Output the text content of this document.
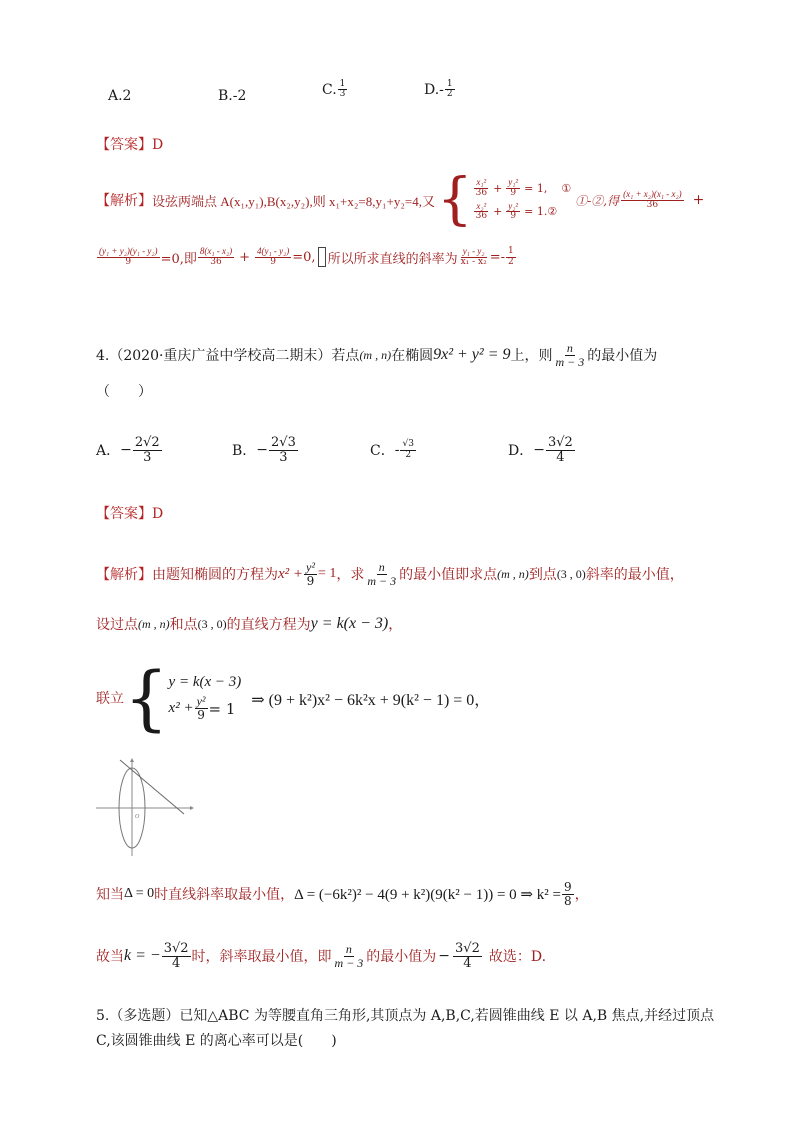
A.2	B.-2	C. $\frac{1}{3}$	$D.- \frac{1}{2}$
【答案】D
【解析】 设弦两端点 A(x₁,y₁),B(x₂,y₂),则 x₁+x₂=8,y₁+y₂=4,又 { $\frac{\text{x₁²}}{36} + \frac{\text{y₁²}}{9} = 1$, ①
$\frac{\text{x₂²}}{36} + \frac{\text{y₂²}}{9}$ = 1.②
①-②,得 $\frac{\text{(x₁ + x₂)(x₁ - x₂)}}{36}$ +
$\frac{\text{(y₁ + y₂)(y₁ - y₂)}}{9} =0$,即 $\frac{\text{8(x₁ - x₂)}}{36} + \frac{\text{4(y₁ - y₂)}}{9} =0$, 所以所求直线的斜率为 $\frac{\text{y₁ - y₂}}{\text{x₁ - x₂}} =- \frac{1}{2}$
4.（2020·重庆广益中学校高二期末）若点 (m , n) 在椭圆 9x² + y² = 9 上，则 $\frac{n}{m - 3}$ 的最小值为
（　　）
A． − $\frac{2√2}{3}$	B． − $\frac{2√3}{3}$	C． - $\frac{√3}{2}$	D． − $\frac{3√2}{4}$
【答案】D
【解析】 由题知椭圆的方程为 $x^2 + \frac{\text{y²}}{9} = 1$ ，求 $\frac{n}{m - 3}$ 的最小值即求点 (m , n) 到点 (3 , 0) 斜率的最小值，
设过点 (m , n) 和点 (3 , 0) 的直线方程为 y = k(x − 3) ，
联立 { y = k(x − 3)
$x^2 + \frac{\text{y²}}{9} = 1$ ⇒ (9 + k²)x² − 6k²x + 9(k² − 1) = 0，
O
知当 Δ = 0 时直线斜率取最小值， Δ = (−6k²)² − 4(9 + k²)(9(k² − 1)) = 0 ⇒ $k^2 = \frac{9}{8}$ ，
故当 k = − $\frac{3√2}{4}$ 时，斜率取最小值，即 $\frac{n}{m - 3}$ 的最小值为 − $\frac{3√2}{4}$ 故选：D.
5.（多选题）已知△ABC 为等腰直角三角形,其顶点为 A,B,C,若圆锥曲线 E 以 A,B 焦点,并经过顶点
C,该圆锥曲线 E 的离心率可以是(　　)
